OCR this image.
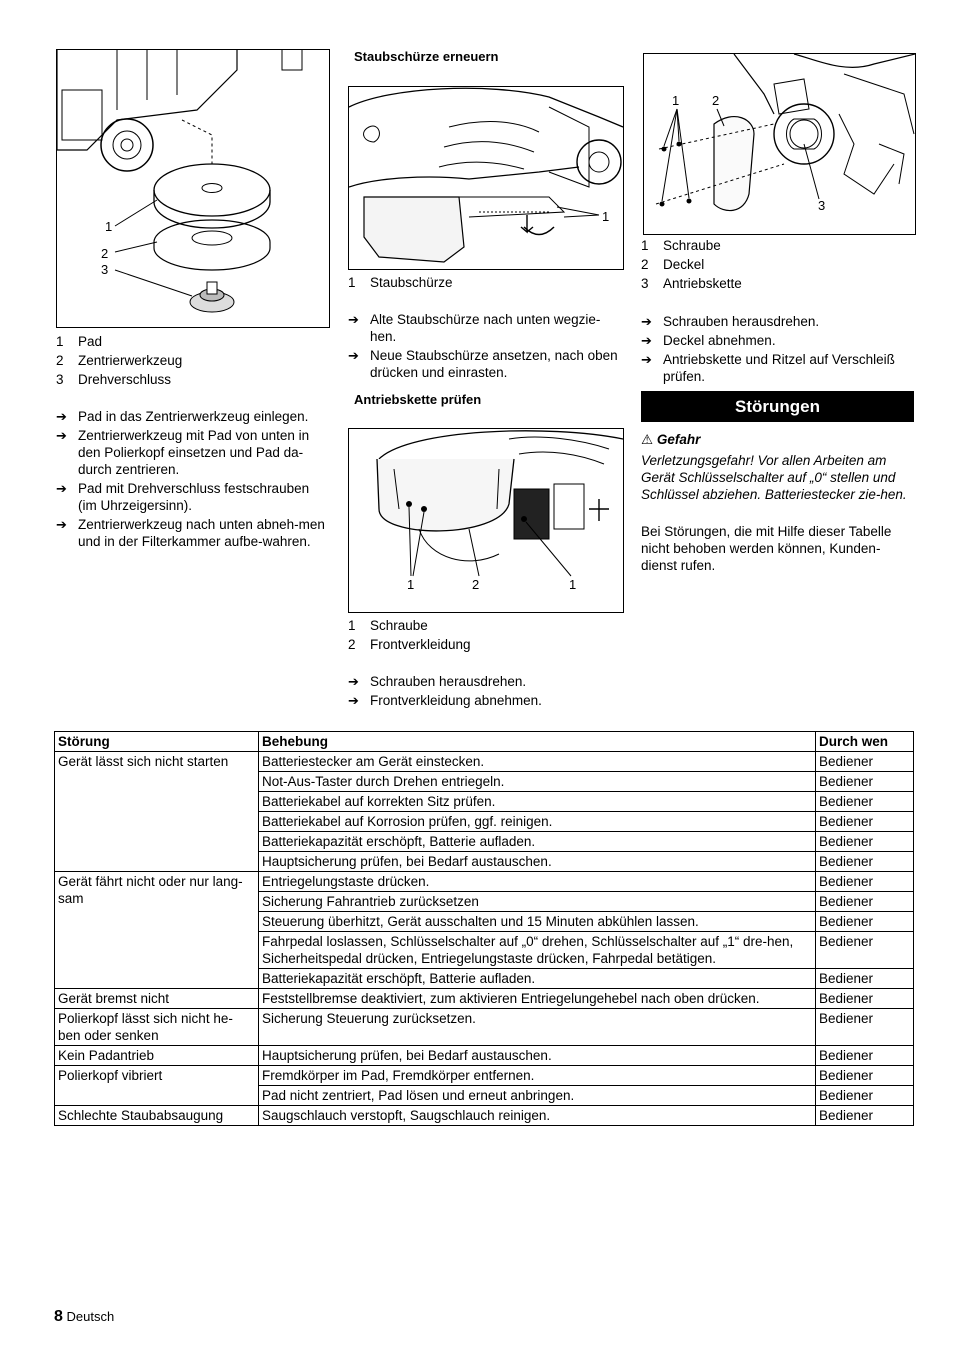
1
2
3
1	Pad
2	Zentrierwerkzeug
3	Drehverschluss
➔ Pad in das Zentrierwerkzeug einlegen.
➔ Zentrierwerkzeug mit Pad von unten in den Polierkopf einsetzen und Pad da-durch zentrieren.
➔ Pad mit Drehverschluss festschrauben (im Uhrzeigersinn).
➔ Zentrierwerkzeug nach unten abneh-men und in der Filterkammer aufbe-wahren.
Staubschürze erneuern
1
1	Staubschürze
➔ Alte Staubschürze nach unten wegzie-hen.
➔ Neue Staubschürze ansetzen, nach oben drücken und einrasten.
Antriebskette prüfen
1	2	1
1	Schraube
2	Frontverkleidung
➔ Schrauben herausdrehen.
➔ Frontverkleidung abnehmen.
1	2
3
1	Schraube
2	Deckel
3	Antriebskette
➔ Schrauben herausdrehen.
➔ Deckel abnehmen.
➔ Antriebskette und Ritzel auf Verschleiß prüfen.
Störungen
⚠ Gefahr
Verletzungsgefahr! Vor allen Arbeiten am Gerät Schlüsselschalter auf „0“ stellen und Schlüssel abziehen. Batteriestecker zie-hen.
Bei Störungen, die mit Hilfe dieser Tabelle nicht behoben werden können, Kunden-dienst rufen.
Störung	Behebung	Durch wen
Gerät lässt sich nicht starten	Batteriestecker am Gerät einstecken.	Bediener
	Not-Aus-Taster durch Drehen entriegeln.	Bediener
	Batteriekabel auf korrekten Sitz prüfen.	Bediener
	Batteriekabel auf Korrosion prüfen, ggf. reinigen.	Bediener
	Batteriekapazität erschöpft, Batterie aufladen.	Bediener
	Hauptsicherung prüfen, bei Bedarf austauschen.	Bediener
Gerät fährt nicht oder nur lang-sam	Entriegelungstaste drücken.	Bediener
	Sicherung Fahrantrieb zurücksetzen	Bediener
	Steuerung überhitzt, Gerät ausschalten und 15 Minuten abkühlen lassen.	Bediener
	Fahrpedal loslassen, Schlüsselschalter auf „0“ drehen, Schlüsselschalter auf „1“ dre-hen, Sicherheitspedal drücken, Entriegelungstaste drücken, Fahrpedal betätigen.	Bediener
	Batteriekapazität erschöpft, Batterie aufladen.	Bediener
Gerät bremst nicht	Feststellbremse deaktiviert, zum aktivieren Entriegelungehebel nach oben drücken.	Bediener
Polierkopf lässt sich nicht he-ben oder senken	Sicherung Steuerung zurücksetzen.	Bediener
Kein Padantrieb	Hauptsicherung prüfen, bei Bedarf austauschen.	Bediener
Polierkopf vibriert	Fremdkörper im Pad, Fremdkörper entfernen.	Bediener
	Pad nicht zentriert, Pad lösen und erneut anbringen.	Bediener
Schlechte Staubabsaugung	Saugschlauch verstopft, Saugschlauch reinigen.	Bediener
8 Deutsch
